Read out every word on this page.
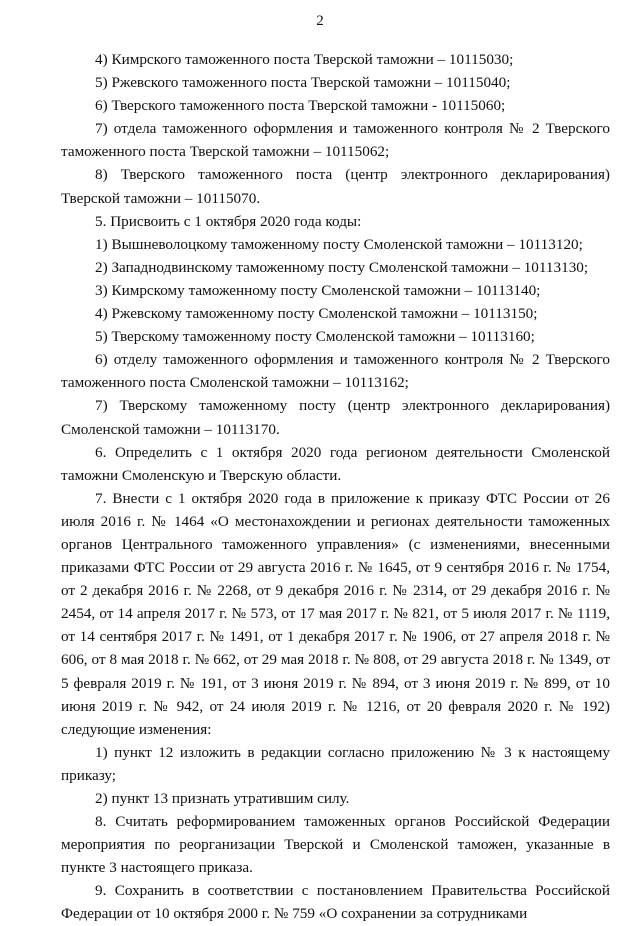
2

4) Кимрского таможенного поста Тверской таможни – 10115030;

5) Ржевского таможенного поста Тверской таможни – 10115040;

6) Тверского таможенного поста Тверской таможни - 10115060;

7) отдела таможенного оформления и таможенного контроля № 2 Тверского таможенного поста Тверской таможни – 10115062;

8) Тверского таможенного поста (центр электронного декларирования) Тверской таможни – 10115070.

5. Присвоить с 1 октября 2020 года коды:

1) Вышневолоцкому таможенному посту Смоленской таможни – 10113120;

2) Западнодвинскому таможенному посту Смоленской таможни – 10113130;

3) Кимрскому таможенному посту Смоленской таможни – 10113140;

4) Ржевскому таможенному посту Смоленской таможни – 10113150;

5) Тверскому таможенному посту Смоленской таможни – 10113160;

6) отделу таможенного оформления и таможенного контроля № 2 Тверского таможенного поста Смоленской таможни – 10113162;

7) Тверскому таможенному посту (центр электронного декларирования) Смоленской таможни – 10113170.

6. Определить с 1 октября 2020 года регионом деятельности Смоленской таможни Смоленскую и Тверскую области.

7. Внести с 1 октября 2020 года в приложение к приказу ФТС России от 26 июля 2016 г. № 1464 «О местонахождении и регионах деятельности таможенных органов Центрального таможенного управления» (с изменениями, внесенными приказами ФТС России от 29 августа 2016 г. № 1645, от 9 сентября 2016 г. № 1754, от 2 декабря 2016 г. № 2268, от 9 декабря 2016 г. № 2314, от 29 декабря 2016 г. № 2454, от 14 апреля 2017 г. № 573, от 17 мая 2017 г. № 821, от 5 июля 2017 г. № 1119, от 14 сентября 2017 г. № 1491, от 1 декабря 2017 г. № 1906, от 27 апреля 2018 г. № 606, от 8 мая 2018 г. № 662, от 29 мая 2018 г. № 808, от 29 августа 2018 г. № 1349, от 5 февраля 2019 г. № 191, от 3 июня 2019 г. № 894, от 3 июня 2019 г. № 899, от 10 июня 2019 г. № 942, от 24 июля 2019 г. № 1216, от 20 февраля 2020 г. № 192) следующие изменения:

1) пункт 12 изложить в редакции согласно приложению № 3 к настоящему приказу;

2) пункт 13 признать утратившим силу.

8. Считать реформированием таможенных органов Российской Федерации мероприятия по реорганизации Тверской и Смоленской таможен, указанные в пункте 3 настоящего приказа.

9. Сохранить в соответствии с постановлением Правительства Российской Федерации от 10 октября 2000 г. № 759 «О сохранении за сотрудниками
